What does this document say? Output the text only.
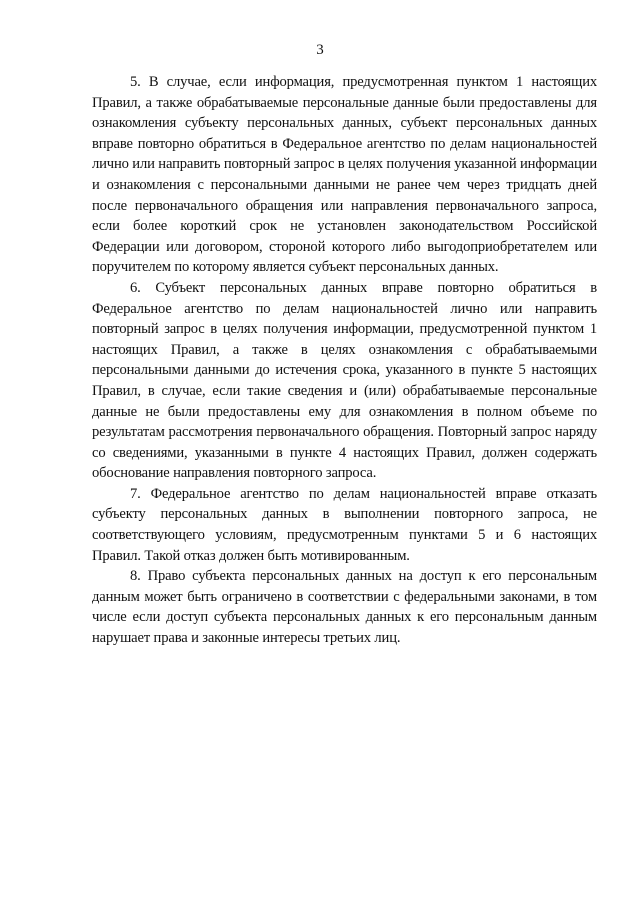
3

5. В случае, если информация, предусмотренная пунктом 1 настоящих Правил, а также обрабатываемые персональные данные были предоставлены для ознакомления субъекту персональных данных, субъект персональных данных вправе повторно обратиться в Федеральное агентство по делам национальностей лично или направить повторный запрос в целях получения указанной информации и ознакомления с персональными данными не ранее чем через тридцать дней после первоначального обращения или направления первоначального запроса, если более короткий срок не установлен законодательством Российской Федерации или договором, стороной которого либо выгодоприобретателем или поручителем по которому является субъект персональных данных.

6. Субъект персональных данных вправе повторно обратиться в Федеральное агентство по делам национальностей лично или направить повторный запрос в целях получения информации, предусмотренной пунктом 1 настоящих Правил, а также в целях ознакомления с обрабатываемыми персональными данными до истечения срока, указанного в пункте 5 настоящих Правил, в случае, если такие сведения и (или) обрабатываемые персональные данные не были предоставлены ему для ознакомления в полном объеме по результатам рассмотрения первоначального обращения. Повторный запрос наряду со сведениями, указанными в пункте 4 настоящих Правил, должен содержать обоснование направления повторного запроса.

7. Федеральное агентство по делам национальностей вправе отказать субъекту персональных данных в выполнении повторного запроса, не соответствующего условиям, предусмотренным пунктами 5 и 6 настоящих Правил. Такой отказ должен быть мотивированным.

8. Право субъекта персональных данных на доступ к его персональным данным может быть ограничено в соответствии с федеральными законами, в том числе если доступ субъекта персональных данных к его персональным данным нарушает права и законные интересы третьих лиц.
